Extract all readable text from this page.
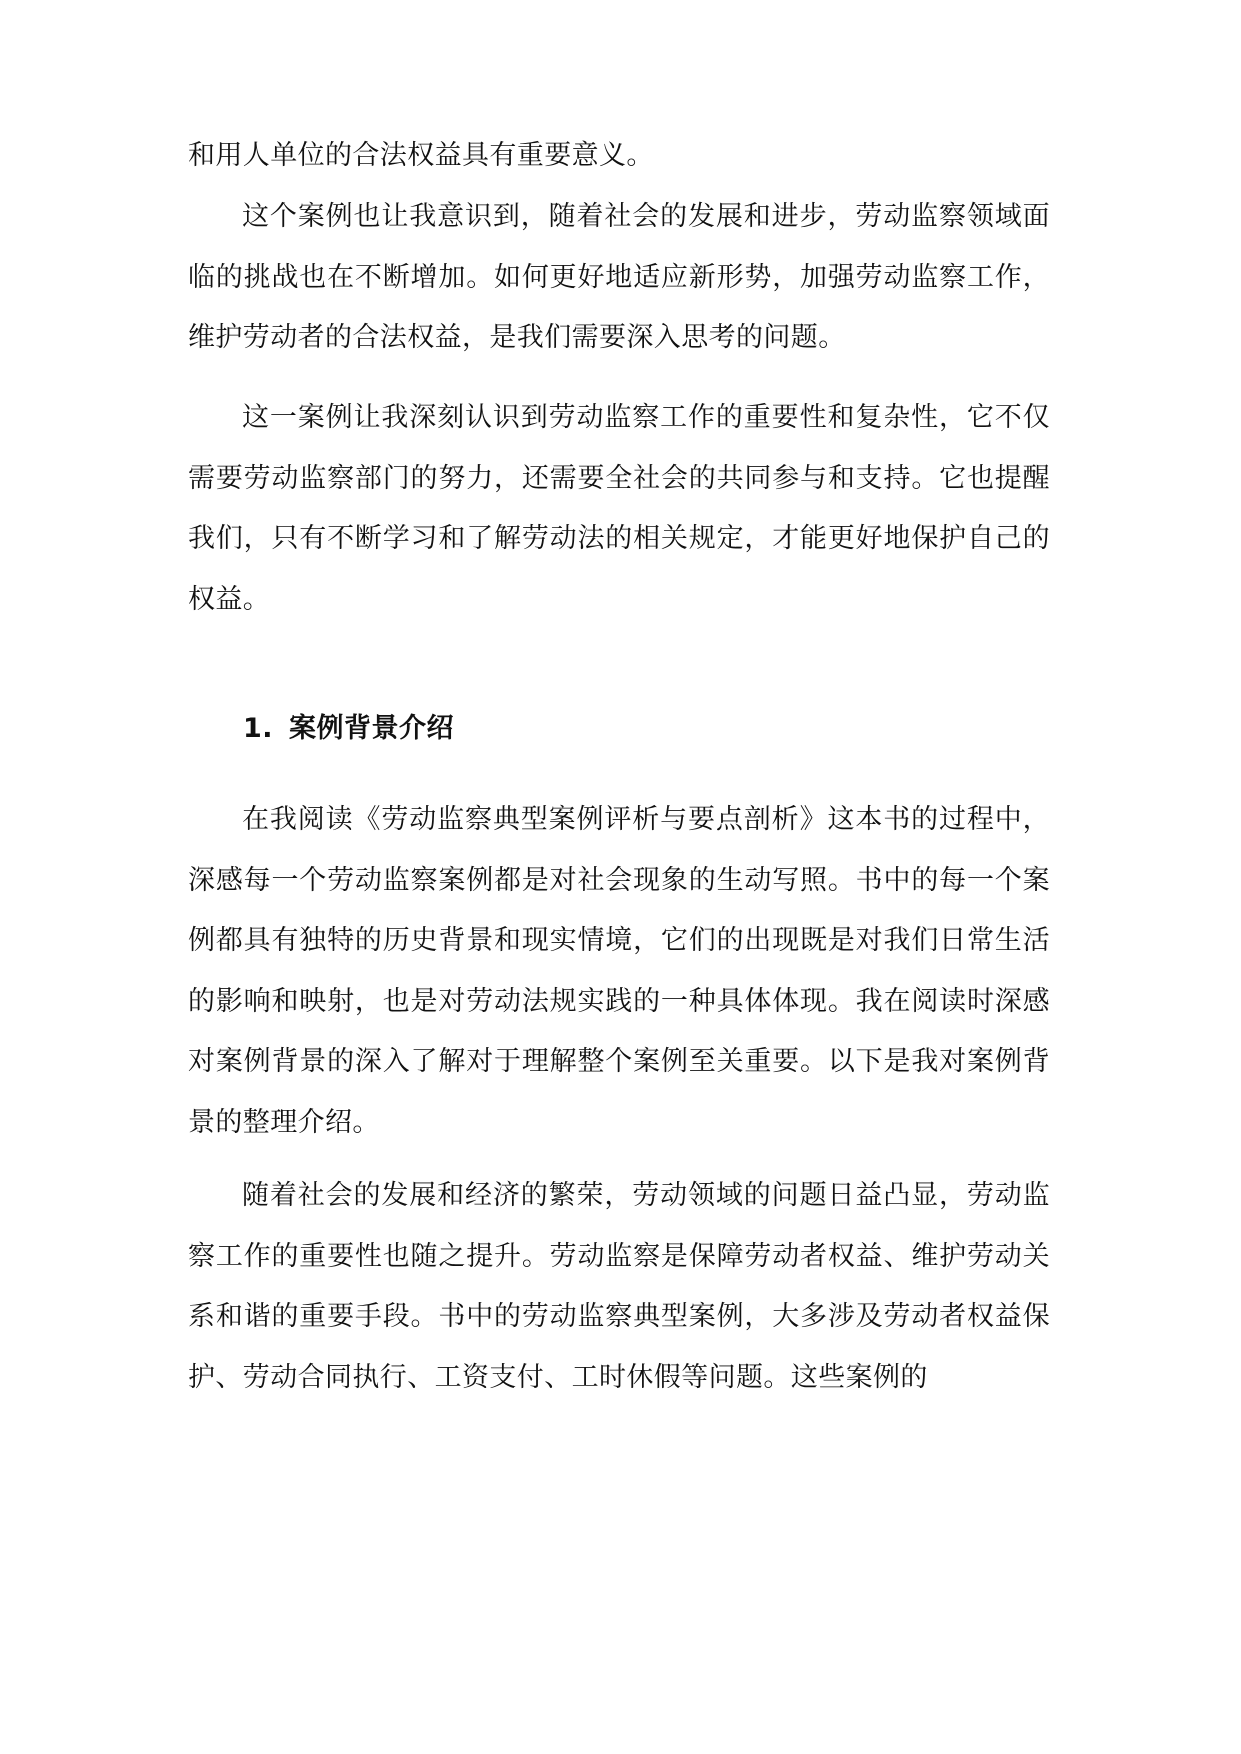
和用人单位的合法权益具有重要意义。
这个案例也让我意识到，随着社会的发展和进步，劳动监察领域面临的挑战也在不断增加。如何更好地适应新形势，加强劳动监察工作，维护劳动者的合法权益，是我们需要深入思考的问题。
这一案例让我深刻认识到劳动监察工作的重要性和复杂性，它不仅需要劳动监察部门的努力，还需要全社会的共同参与和支持。它也提醒我们，只有不断学习和了解劳动法的相关规定，才能更好地保护自己的权益。
1. 案例背景介绍
在我阅读《劳动监察典型案例评析与要点剖析》这本书的过程中，深感每一个劳动监察案例都是对社会现象的生动写照。书中的每一个案例都具有独特的历史背景和现实情境，它们的出现既是对我们日常生活的影响和映射，也是对劳动法规实践的一种具体体现。我在阅读时深感对案例背景的深入了解对于理解整个案例至关重要。以下是我对案例背景的整理介绍。
随着社会的发展和经济的繁荣，劳动领域的问题日益凸显，劳动监察工作的重要性也随之提升。劳动监察是保障劳动者权益、维护劳动关系和谐的重要手段。书中的劳动监察典型案例，大多涉及劳动者权益保护、劳动合同执行、工资支付、工时休假等问题。这些案例的
